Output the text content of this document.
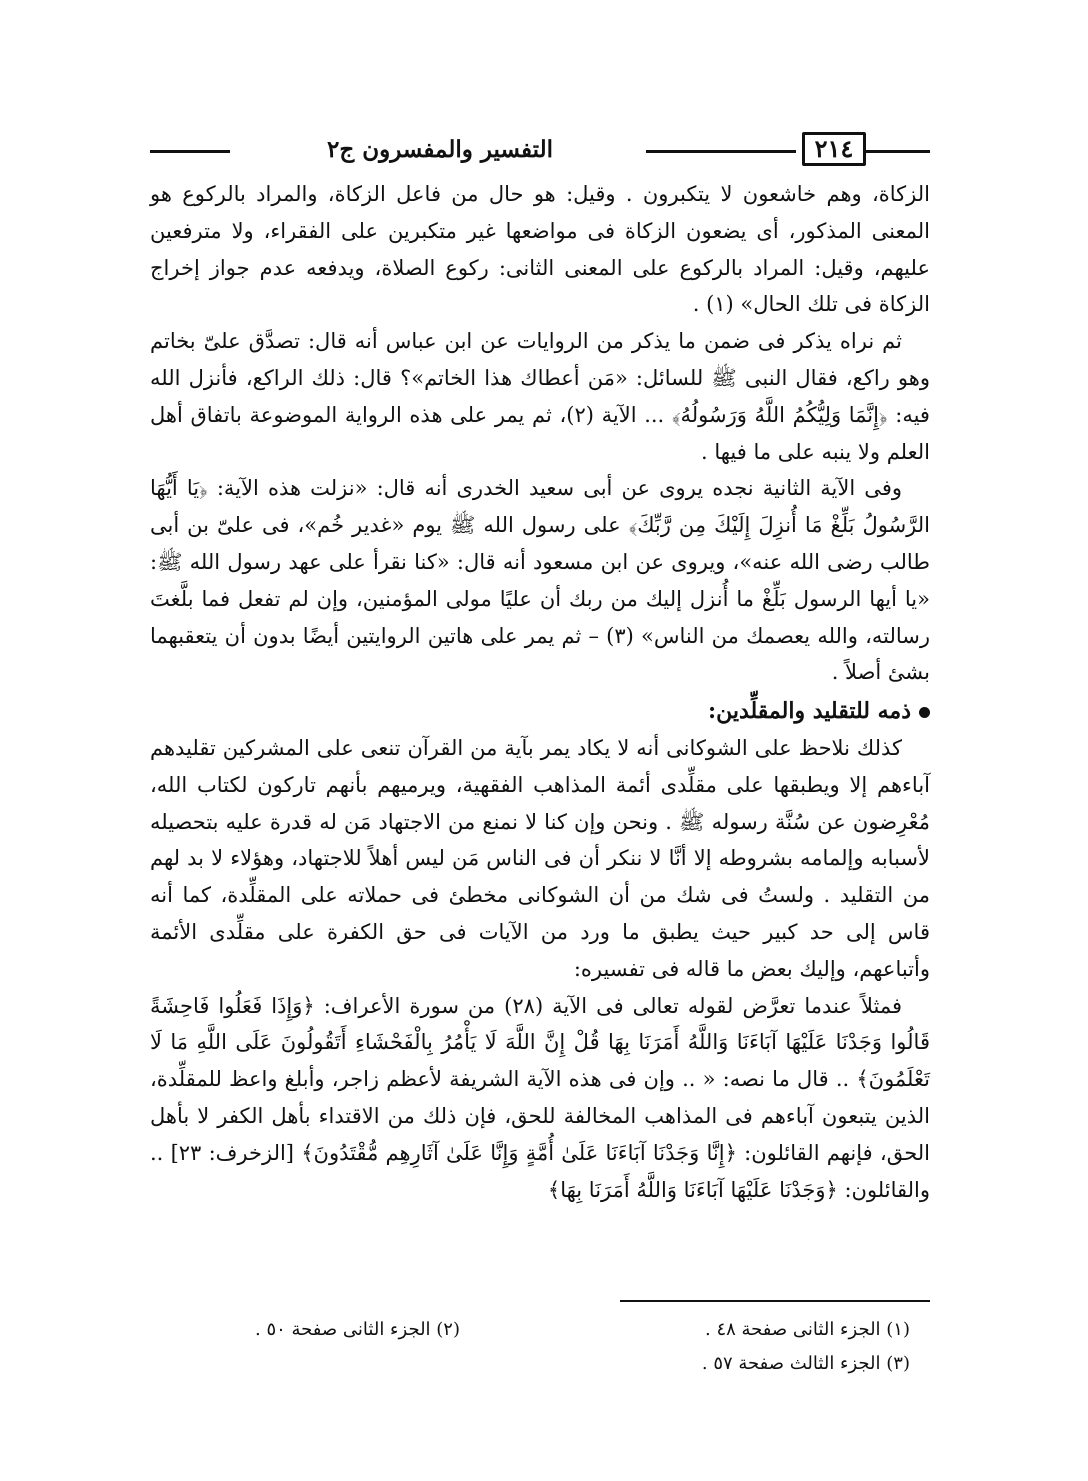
٢١٤
التفسير والمفسرون ج٢

الزكاة، وهم خاشعون لا يتكبرون . وقيل: هو حال من فاعل الزكاة، والمراد بالركوع هو المعنى المذكور، أى يضعون الزكاة فى مواضعها غير متكبرين على الفقراء، ولا مترفعين عليهم، وقيل: المراد بالركوع على المعنى الثانى: ركوع الصلاة، ويدفعه عدم جواز إخراج الزكاة فى تلك الحال» (١) .

ثم نراه يذكر فى ضمن ما يذكر من الروايات عن ابن عباس أنه قال: تصدَّق علىّ بخاتم وهو راكع، فقال النبى ﷺ للسائل: «مَن أعطاك هذا الخاتم»؟ قال: ذلك الراكع، فأنزل الله فيه: ﴿إِنَّمَا وَلِيُّكُمُ اللَّهُ وَرَسُولُهُ﴾ ... الآية (٢)، ثم يمر على هذه الرواية الموضوعة باتفاق أهل العلم ولا ينبه على ما فيها .

وفى الآية الثانية نجده يروى عن أبى سعيد الخدرى أنه قال: «نزلت هذه الآية: ﴿يَا أَيُّهَا الرَّسُولُ بَلِّغْ مَا أُنزِلَ إِلَيْكَ مِن رَّبِّكَ﴾ على رسول الله ﷺ يوم «غدير خُم»، فى علىّ بن أبى طالب رضى الله عنه»، ويروى عن ابن مسعود أنه قال: «كنا نقرأ على عهد رسول الله ﷺ: «يا أيها الرسول بَلِّغْ ما أُنزل إليك من ربك أن عليًا مولى المؤمنين، وإن لم تفعل فما بلَّغتَ رسالته، والله يعصمك من الناس» (٣) – ثم يمر على هاتين الروايتين أيضًا بدون أن يتعقبهما بشئ أصلاً .

ذمه للتقليد والمقلِّدين:

كذلك نلاحظ على الشوكانى أنه لا يكاد يمر بآية من القرآن تنعى على المشركين تقليدهم آباءهم إلا ويطبقها على مقلِّدى أئمة المذاهب الفقهية، ويرميهم بأنهم تاركون لكتاب الله، مُعْرِضون عن سُنَّة رسوله ﷺ . ونحن وإن كنا لا نمنع من الاجتهاد مَن له قدرة عليه بتحصيله لأسبابه وإلمامه بشروطه إلا أنَّا لا ننكر أن فى الناس مَن ليس أهلاً للاجتهاد، وهؤلاء لا بد لهم من التقليد . ولستُ فى شك من أن الشوكانى مخطئ فى حملاته على المقلِّدة، كما أنه قاس إلى حد كبير حيث يطبق ما ورد من الآيات فى حق الكفرة على مقلِّدى الأئمة وأتباعهم، وإليك بعض ما قاله فى تفسيره:

فمثلاً عندما تعرَّض لقوله تعالى فى الآية (٢٨) من سورة الأعراف: ﴿وَإِذَا فَعَلُوا فَاحِشَةً قَالُوا وَجَدْنَا عَلَيْهَا آبَاءَنَا وَاللَّهُ أَمَرَنَا بِهَا قُلْ إِنَّ اللَّهَ لَا يَأْمُرُ بِالْفَحْشَاءِ أَتَقُولُونَ عَلَى اللَّهِ مَا لَا تَعْلَمُونَ﴾ .. قال ما نصه: « .. وإن فى هذه الآية الشريفة لأعظم زاجر، وأبلغ واعظ للمقلِّدة، الذين يتبعون آباءهم فى المذاهب المخالفة للحق، فإن ذلك من الاقتداء بأهل الكفر لا بأهل الحق، فإنهم القائلون: ﴿إِنَّا وَجَدْنَا آبَاءَنَا عَلَىٰ أُمَّةٍ وَإِنَّا عَلَىٰ آثَارِهِم مُّقْتَدُونَ﴾ [الزخرف: ٢٣] .. والقائلون: ﴿وَجَدْنَا عَلَيْهَا آبَاءَنَا وَاللَّهُ أَمَرَنَا بِهَا﴾

(١) الجزء الثانى صفحة ٤٨ .
(٢) الجزء الثانى صفحة ٥٠ .
(٣) الجزء الثالث صفحة ٥٧ .
